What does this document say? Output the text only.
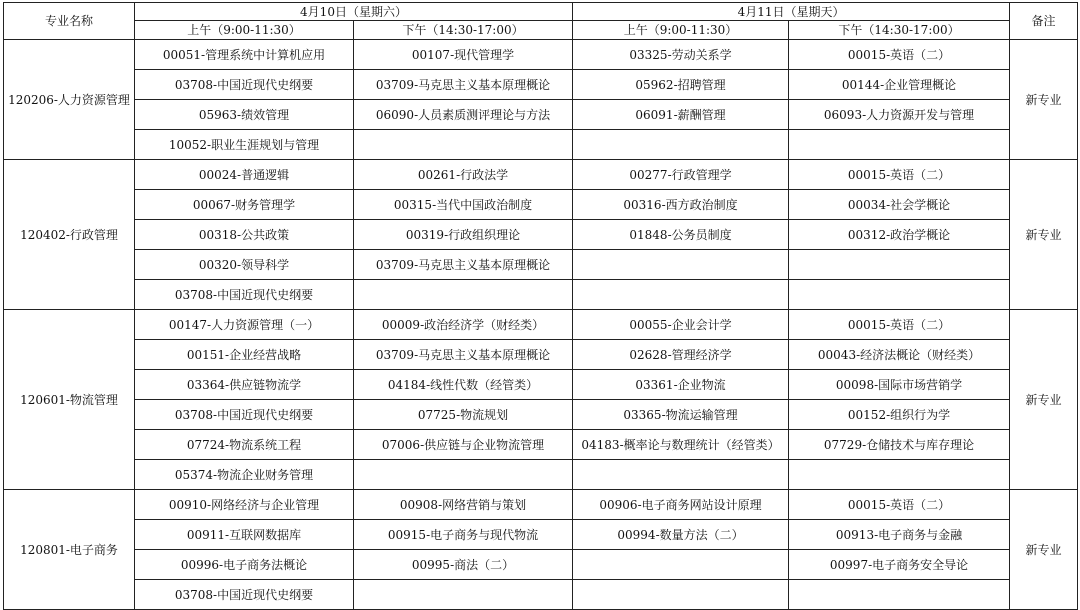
专业名称	4月10日（星期六）		4月11日（星期天）		备注
	上午（9:00-11:30）	下午（14:30-17:00）	上午（9:00-11:30）	下午（14:30-17:00）	
120206-人力资源管理	00051-管理系统中计算机应用	00107-现代管理学	03325-劳动关系学	00015-英语（二）	新专业
	03708-中国近现代史纲要	03709-马克思主义基本原理概论	05962-招聘管理	00144-企业管理概论	
	05963-绩效管理	06090-人员素质测评理论与方法	06091-薪酬管理	06093-人力资源开发与管理	
	10052-职业生涯规划与管理				
120402-行政管理	00024-普通逻辑	00261-行政法学	00277-行政管理学	00015-英语（二）	新专业
	00067-财务管理学	00315-当代中国政治制度	00316-西方政治制度	00034-社会学概论	
	00318-公共政策	00319-行政组织理论	01848-公务员制度	00312-政治学概论	
	00320-领导科学	03709-马克思主义基本原理概论			
	03708-中国近现代史纲要				
120601-物流管理	00147-人力资源管理（一）	00009-政治经济学（财经类）	00055-企业会计学	00015-英语（二）	新专业
	00151-企业经营战略	03709-马克思主义基本原理概论	02628-管理经济学	00043-经济法概论（财经类）	
	03364-供应链物流学	04184-线性代数（经管类）	03361-企业物流	00098-国际市场营销学	
	03708-中国近现代史纲要	07725-物流规划	03365-物流运输管理	00152-组织行为学	
	07724-物流系统工程	07006-供应链与企业物流管理	04183-概率论与数理统计（经管类）	07729-仓储技术与库存理论	
	05374-物流企业财务管理				
120801-电子商务	00910-网络经济与企业管理	00908-网络营销与策划	00906-电子商务网站设计原理	00015-英语（二）	新专业
	00911-互联网数据库	00915-电子商务与现代物流	00994-数量方法（二）	00913-电子商务与金融	
	00996-电子商务法概论	00995-商法（二）		00997-电子商务安全导论	
	03708-中国近现代史纲要				
